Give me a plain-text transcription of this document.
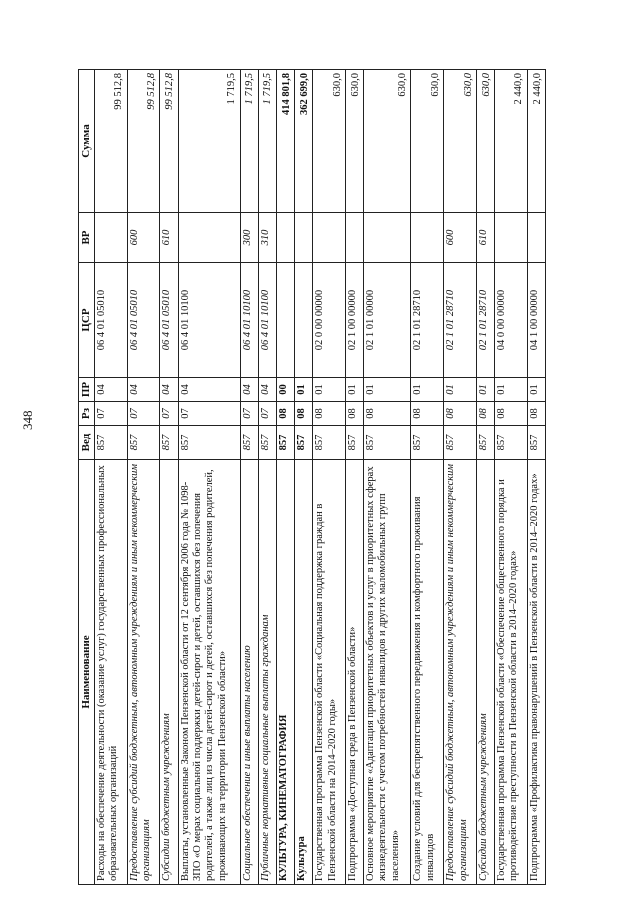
348
Наименование	Вед	Рз	ПР	ЦСР	ВР	Сумма
Расходы на обеспечение деятельности (оказание услуг) государственных профессиональных образовательных организаций	857	07	04	06 4 01 05010		99 512,8
Предоставление субсидий бюджетным, автономным учреждениям и иным некоммерческим организациям	857	07	04	06 4 01 05010	600	99 512,8
Субсидии бюджетным учреждениям	857	07	04	06 4 01 05010	610	99 512,8
Выплаты, установленные Законом Пензенской области от 12 сентября 2006 года № 1098-ЗПО «О мерах социальной поддержки детей-сирот и детей, оставшихся без попечения родителей, а также лиц из числа детей-сирот и детей, оставшихся без попечения родителей, проживающих на территории Пензенской области»	857	07	04	06 4 01 10100		1 719,5
Социальное обеспечение и иные выплаты населению	857	07	04	06 4 01 10100	300	1 719,5
Публичные нормативные социальные выплаты гражданам	857	07	04	06 4 01 10100	310	1 719,5
КУЛЬТУРА, КИНЕМАТОГРАФИЯ	857	08	00			414 801,8
Культура	857	08	01			362 699,0
Государственная программа Пензенской области «Социальная поддержка граждан в Пензенской области на 2014–2020 годы»	857	08	01	02 0 00 00000		630,0
Подпрограмма «Доступная среда в Пензенской области»	857	08	01	02 1 00 00000		630,0
Основное мероприятие «Адаптация приоритетных объектов и услуг в приоритетных сферах жизнедеятельности с учетом потребностей инвалидов и других маломобильных групп населения»	857	08	01	02 1 01 00000		630,0
Создание условий для беспрепятственного передвижения и комфортного проживания инвалидов	857	08	01	02 1 01 28710		630,0
Предоставление субсидий бюджетным, автономным учреждениям и иным некоммерческим организациям	857	08	01	02 1 01 28710	600	630,0
Субсидии бюджетным учреждениям	857	08	01	02 1 01 28710	610	630,0
Государственная программа Пензенской области «Обеспечение общественного порядка и противодействие преступности в Пензенской области в 2014–2020 годах»	857	08	01	04 0 00 00000		2 440,0
Подпрограмма «Профилактика правонарушений в Пензенской области в 2014–2020 годах»	857	08	01	04 1 00 00000		2 440,0
